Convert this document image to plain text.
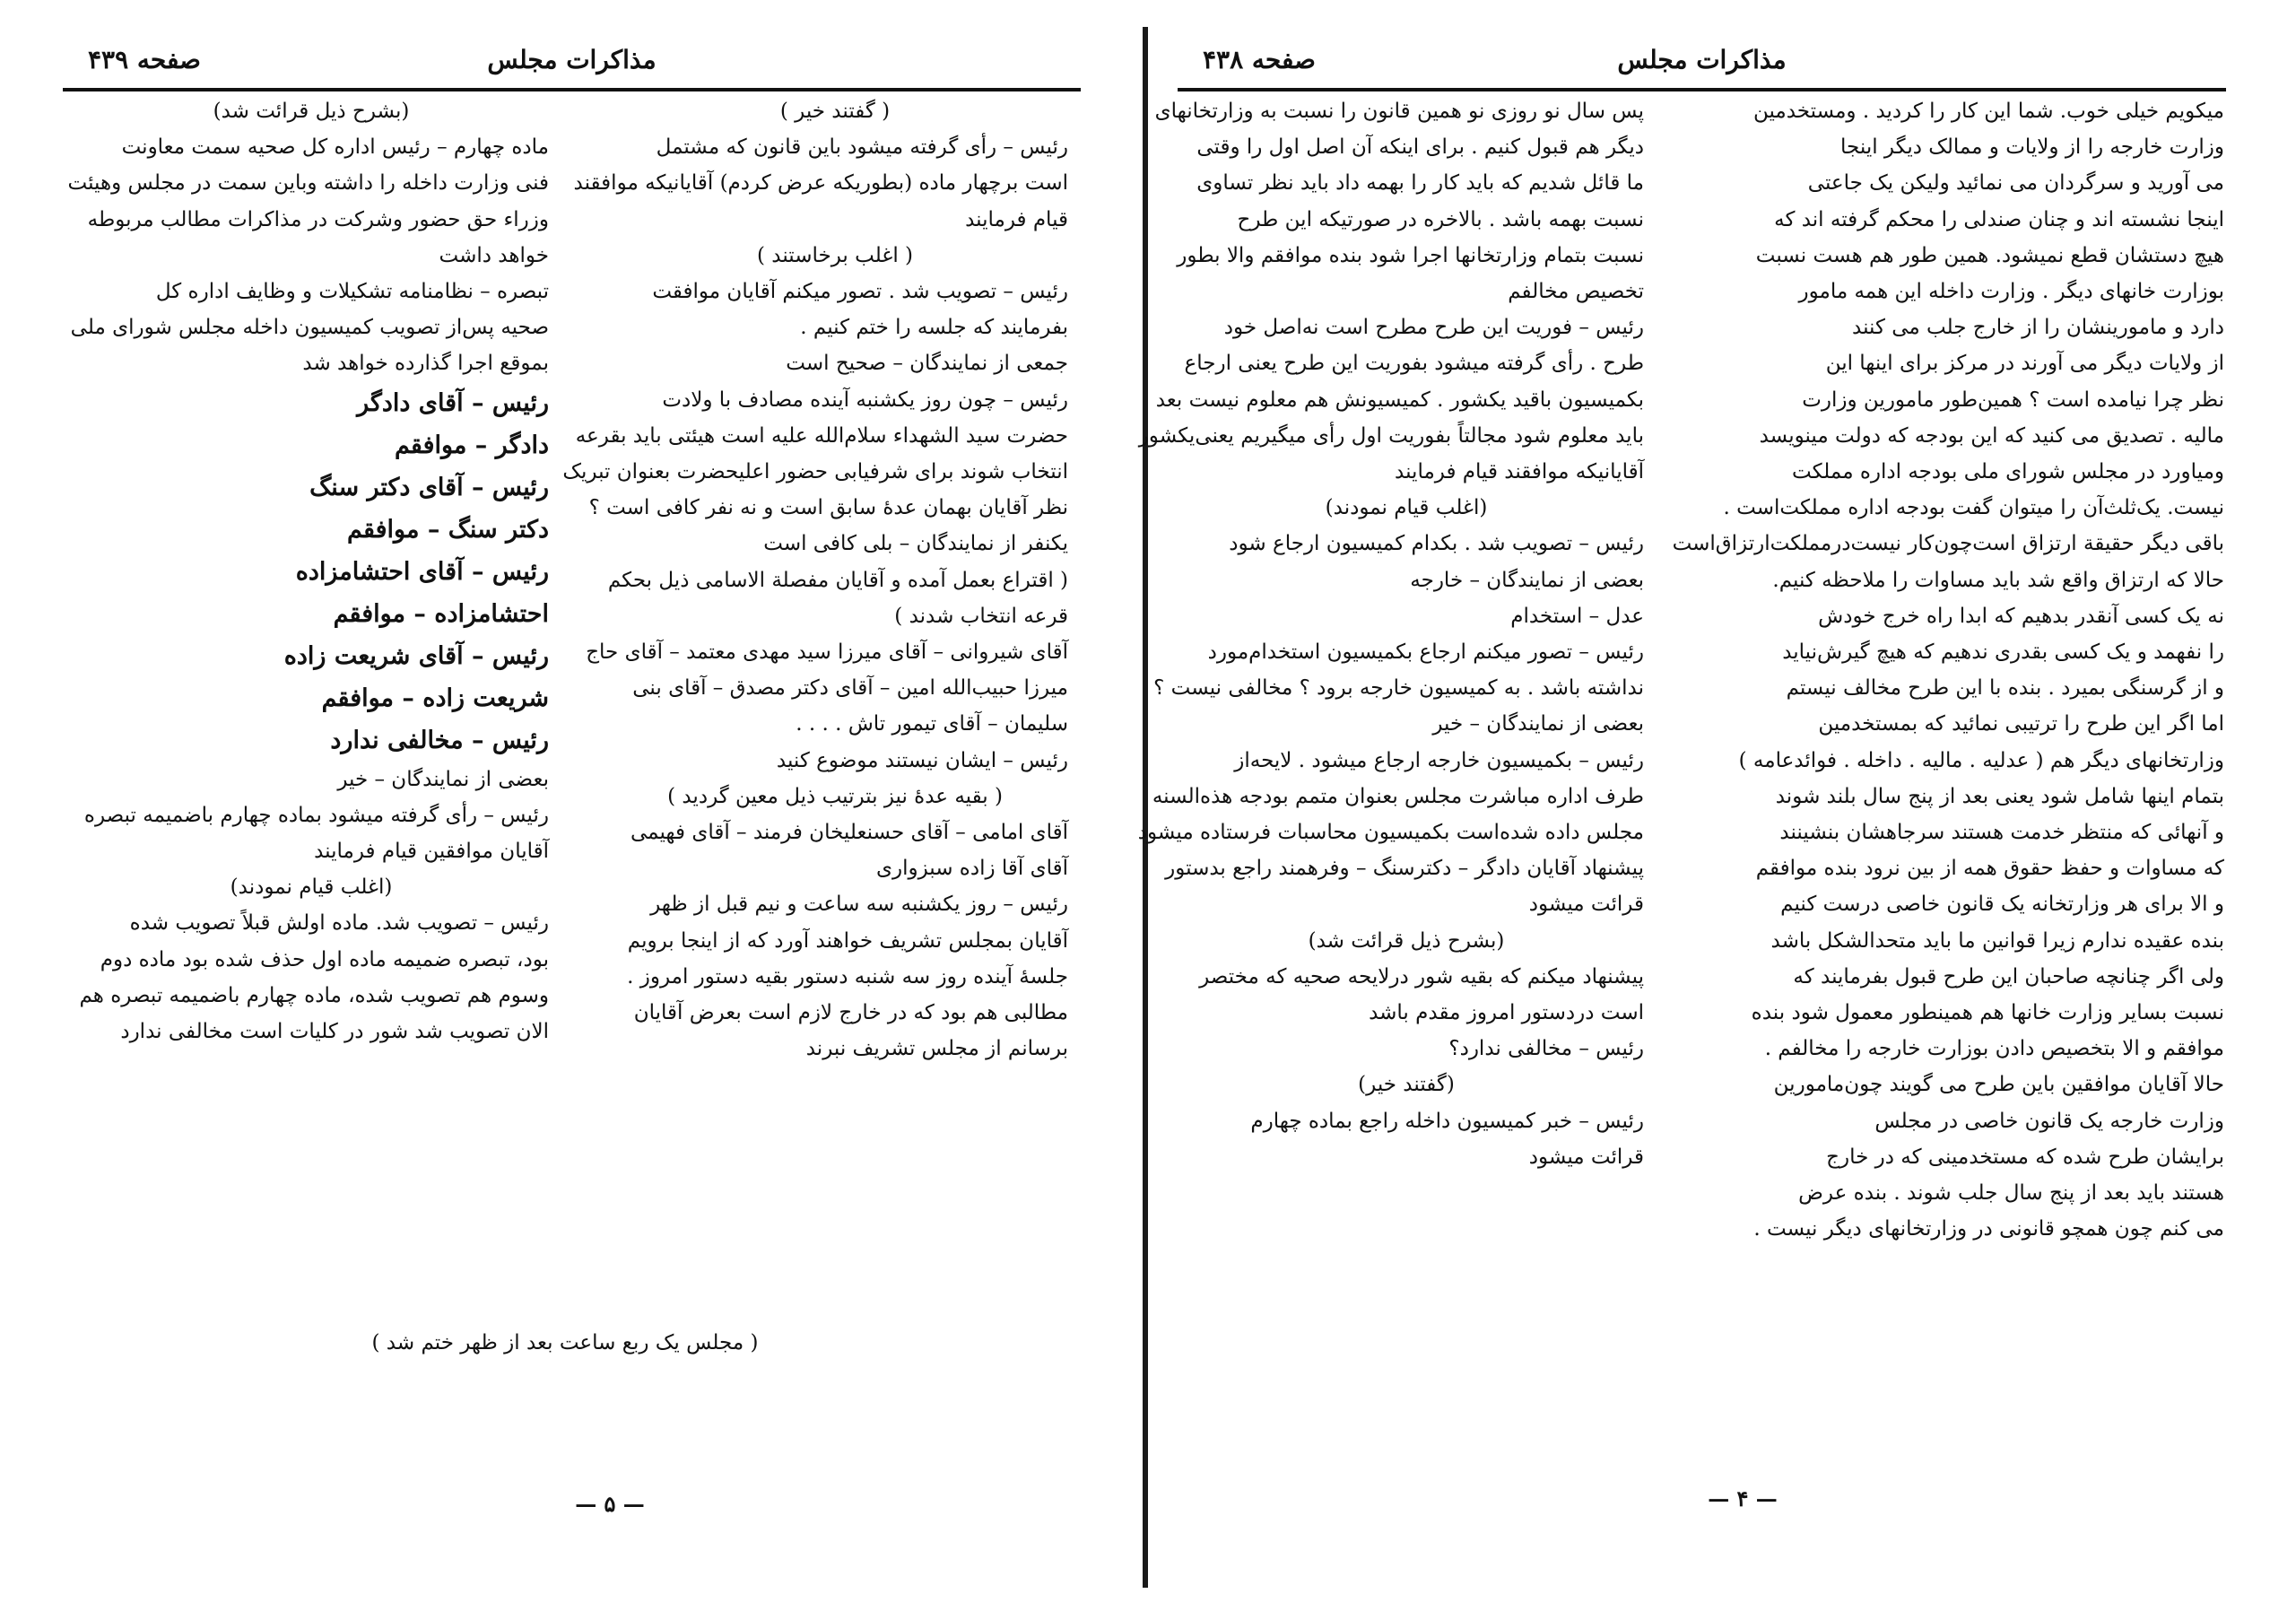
صفحه ۴۳۹	مذاکرات مجلس
( گفتند خیر )
رئیس – رأی گرفته میشود باین قانون که مشتمل
است برچهار ماده (بطوریکه عرض کردم) آقایانیکه موافقند
قیام فرمایند
( اغلب برخاستند )
رئیس – تصویب شد . تصور میکنم آقایان موافقت
بفرمایند که جلسه را ختم کنیم .
جمعی از نمایندگان – صحیح است
رئیس – چون روز یکشنبه آینده مصادف با ولادت
حضرت سید الشهداء سلام‌الله علیه است هیئتی باید بقرعه
انتخاب شوند برای شرفیابی حضور اعلیحضرت بعنوان تبریک
نظر آقایان بهمان عدهٔ سابق است و نه نفر کافی است ؟
یکنفر از نمایندگان – بلی کافی است
( اقتراع بعمل آمده و آقایان مفصلة الاسامی ذیل بحکم
قرعه انتخاب شدند )
آقای شیروانی – آقای میرزا سید مهدی معتمد – آقای حاج
میرزا حبیب‌الله امین – آقای دکتر مصدق – آقای بنی
سلیمان – آقای تیمور تاش . . . .
رئیس – ایشان نیستند موضوع کنید
( بقیه عدهٔ نیز بترتیب ذیل معین گردید )
آقای امامی – آقای حسنعلیخان فرمند – آقای فهیمی
آقای آقا زاده سبزواری
رئیس – روز یکشنبه سه ساعت و نیم قبل از ظهر
آقایان بمجلس تشریف خواهند آورد که از اینجا برویم
جلسهٔ آینده روز سه شنبه دستور بقیه دستور امروز .
مطالبی هم بود که در خارج لازم است بعرض آقایان
برسانم از مجلس تشریف نبرند
(بشرح ذیل قرائت شد)
ماده چهارم – رئیس اداره کل صحیه سمت معاونت
فنی وزارت داخله را داشته وباین سمت در مجلس وهیئت
وزراء حق حضور وشرکت در مذاکرات مطالب مربوطه
خواهد داشت
تبصره – نظامنامه تشکیلات و وظایف اداره کل
صحیه پس‌از تصویب کمیسیون داخله مجلس شورای ملی
بموقع اجرا گذارده خواهد شد
رئیس – آقای دادگر
دادگر – موافقم
رئیس – آقای دکتر سنگ
دکتر سنگ – موافقم
رئیس – آقای احتشامزاده
احتشامزاده – موافقم
رئیس – آقای شریعت زاده
شریعت زاده – موافقم
رئیس – مخالفی ندارد
بعضی از نمایندگان – خیر
رئیس – رأی گرفته میشود بماده چهارم باضمیمه تبصره
آقایان موافقین قیام فرمایند
(اغلب قیام نمودند)
رئیس – تصویب شد. ماده اولش قبلاً تصویب شده
بود، تبصره ضمیمه ماده اول حذف شده بود ماده دوم
وسوم هم تصویب شده، ماده چهارم باضمیمه تبصره هم
الان تصویب شد شور در کلیات است مخالفی ندارد
( مجلس یک ربع ساعت بعد از ظهر ختم شد )
— ۵ —
صفحه ۴۳۸	مذاکرات مجلس
میکویم خیلی خوب. شما این کار را کردید . ومستخدمین
وزارت خارجه را از ولایات و ممالک دیگر اینجا
می آورید و سرگردان می نمائید ولیکن یک جاعتی
اینجا نشسته اند و چنان صندلی را محکم گرفته اند که
هیچ دستشان قطع نمیشود. همین طور هم هست نسبت
بوزارت خانهای دیگر . وزارت داخله این همه مامور
دارد و مامورینشان را از خارج جلب می کنند
از ولایات دیگر می آورند در مرکز برای اینها این
نظر چرا نیامده است ؟ همین‌طور مامورین وزارت
مالیه . تصدیق می کنید که این بودجه که دولت مینویسد
ومیاورد در مجلس شورای ملی بودجه اداره مملکت
نیست. یک‌ثلث‌آن را میتوان گفت بودجه اداره مملکت‌است .
باقی دیگر حقیقة ارتزاق است‌چون‌کار نیست‌در‌مملکت‌ارتزاق‌است
حالا که ارتزاق واقع شد باید مساوات را ملاحظه کنیم.
نه یک کسی آنقدر بدهیم که ابدا راه خرج خودش
را نفهمد و یک کسی بقدری ندهیم که هیچ گیرش‌نیاید
و از گرسنگی بمیرد . بنده با این طرح مخالف نیستم
اما اگر این طرح را ترتیبی نمائید که بمستخدمین
وزارتخانهای دیگر هم ( عدلیه . مالیه . داخله . فوائدعامه )
بتمام اینها شامل شود یعنی بعد از پنج سال بلند شوند
و آنهائی که منتظر خدمت هستند سرجاهشان بنشینند
که مساوات و حفظ حقوق همه از بین نرود بنده موافقم
و الا برای هر وزارتخانه یک قانون خاصی درست کنیم
بنده عقیده ندارم زیرا قوانین ما باید متحدالشکل باشد
ولی اگر چنانچه صاحبان این طرح قبول بفرمایند که
نسبت بسایر وزارت خانها هم همینطور معمول شود بنده
موافقم و الا بتخصیص دادن بوزارت خارجه را مخالفم .
حالا آقایان موافقین باین طرح می گویند چون‌مامورین
وزارت خارجه یک قانون خاصی در مجلس
برایشان طرح شده که مستخدمینی که در خارج
هستند باید بعد از پنج سال جلب شوند . بنده عرض
می کنم چون همچو قانونی در وزارتخانهای دیگر نیست .
پس سال نو روزی نو همین قانون را نسبت به وزارتخانهای
دیگر هم قبول کنیم . برای اینکه آن اصل اول را وقتی
ما قائل شدیم که باید کار را بهمه داد باید نظر تساوی
نسبت بهمه باشد . بالاخره در صورتیکه این طرح
نسبت بتمام وزارتخانها اجرا شود بنده موافقم والا بطور
تخصیص مخالفم
رئیس – فوریت این طرح مطرح است نه‌اصل خود
طرح . رأی گرفته میشود بفوریت این طرح یعنی ارجاع
بکمیسیون باقید یکشور . کمیسیونش هم معلوم نیست بعد
باید معلوم شود مجالتاً بفوریت اول رأی میگیریم یعنی‌یکشور
آقایانیکه موافقند قیام فرمایند
(اغلب قیام نمودند)
رئیس – تصویب شد . بکدام کمیسیون ارجاع شود
بعضی از نمایندگان – خارجه
عدل – استخدام
رئیس – تصور میکنم ارجاع بکمیسیون استخدام‌مورد
نداشته باشد . به کمیسیون خارجه برود ؟ مخالفی نیست ؟
بعضی از نمایندگان – خیر
رئیس – بکمیسیون خارجه ارجاع میشود . لایحه‌از
طرف اداره مباشرت مجلس بعنوان متمم بودجه هذه‌السنه
مجلس داده شده‌است بکمیسیون محاسبات فرستاده میشود
پیشنهاد آقایان دادگر – دکتر‌سنگ – وفرهمند راجع بدستور
قرائت میشود
(بشرح ذیل قرائت شد)
پیشنهاد میکنم که بقیه شور درلایحه صحیه که مختصر
است دردستور امروز مقدم باشد
رئیس – مخالفی ندارد؟
(گفتند خیر)
رئیس – خبر کمیسیون داخله راجع بماده چهارم
قرائت میشود
— ۴ —
